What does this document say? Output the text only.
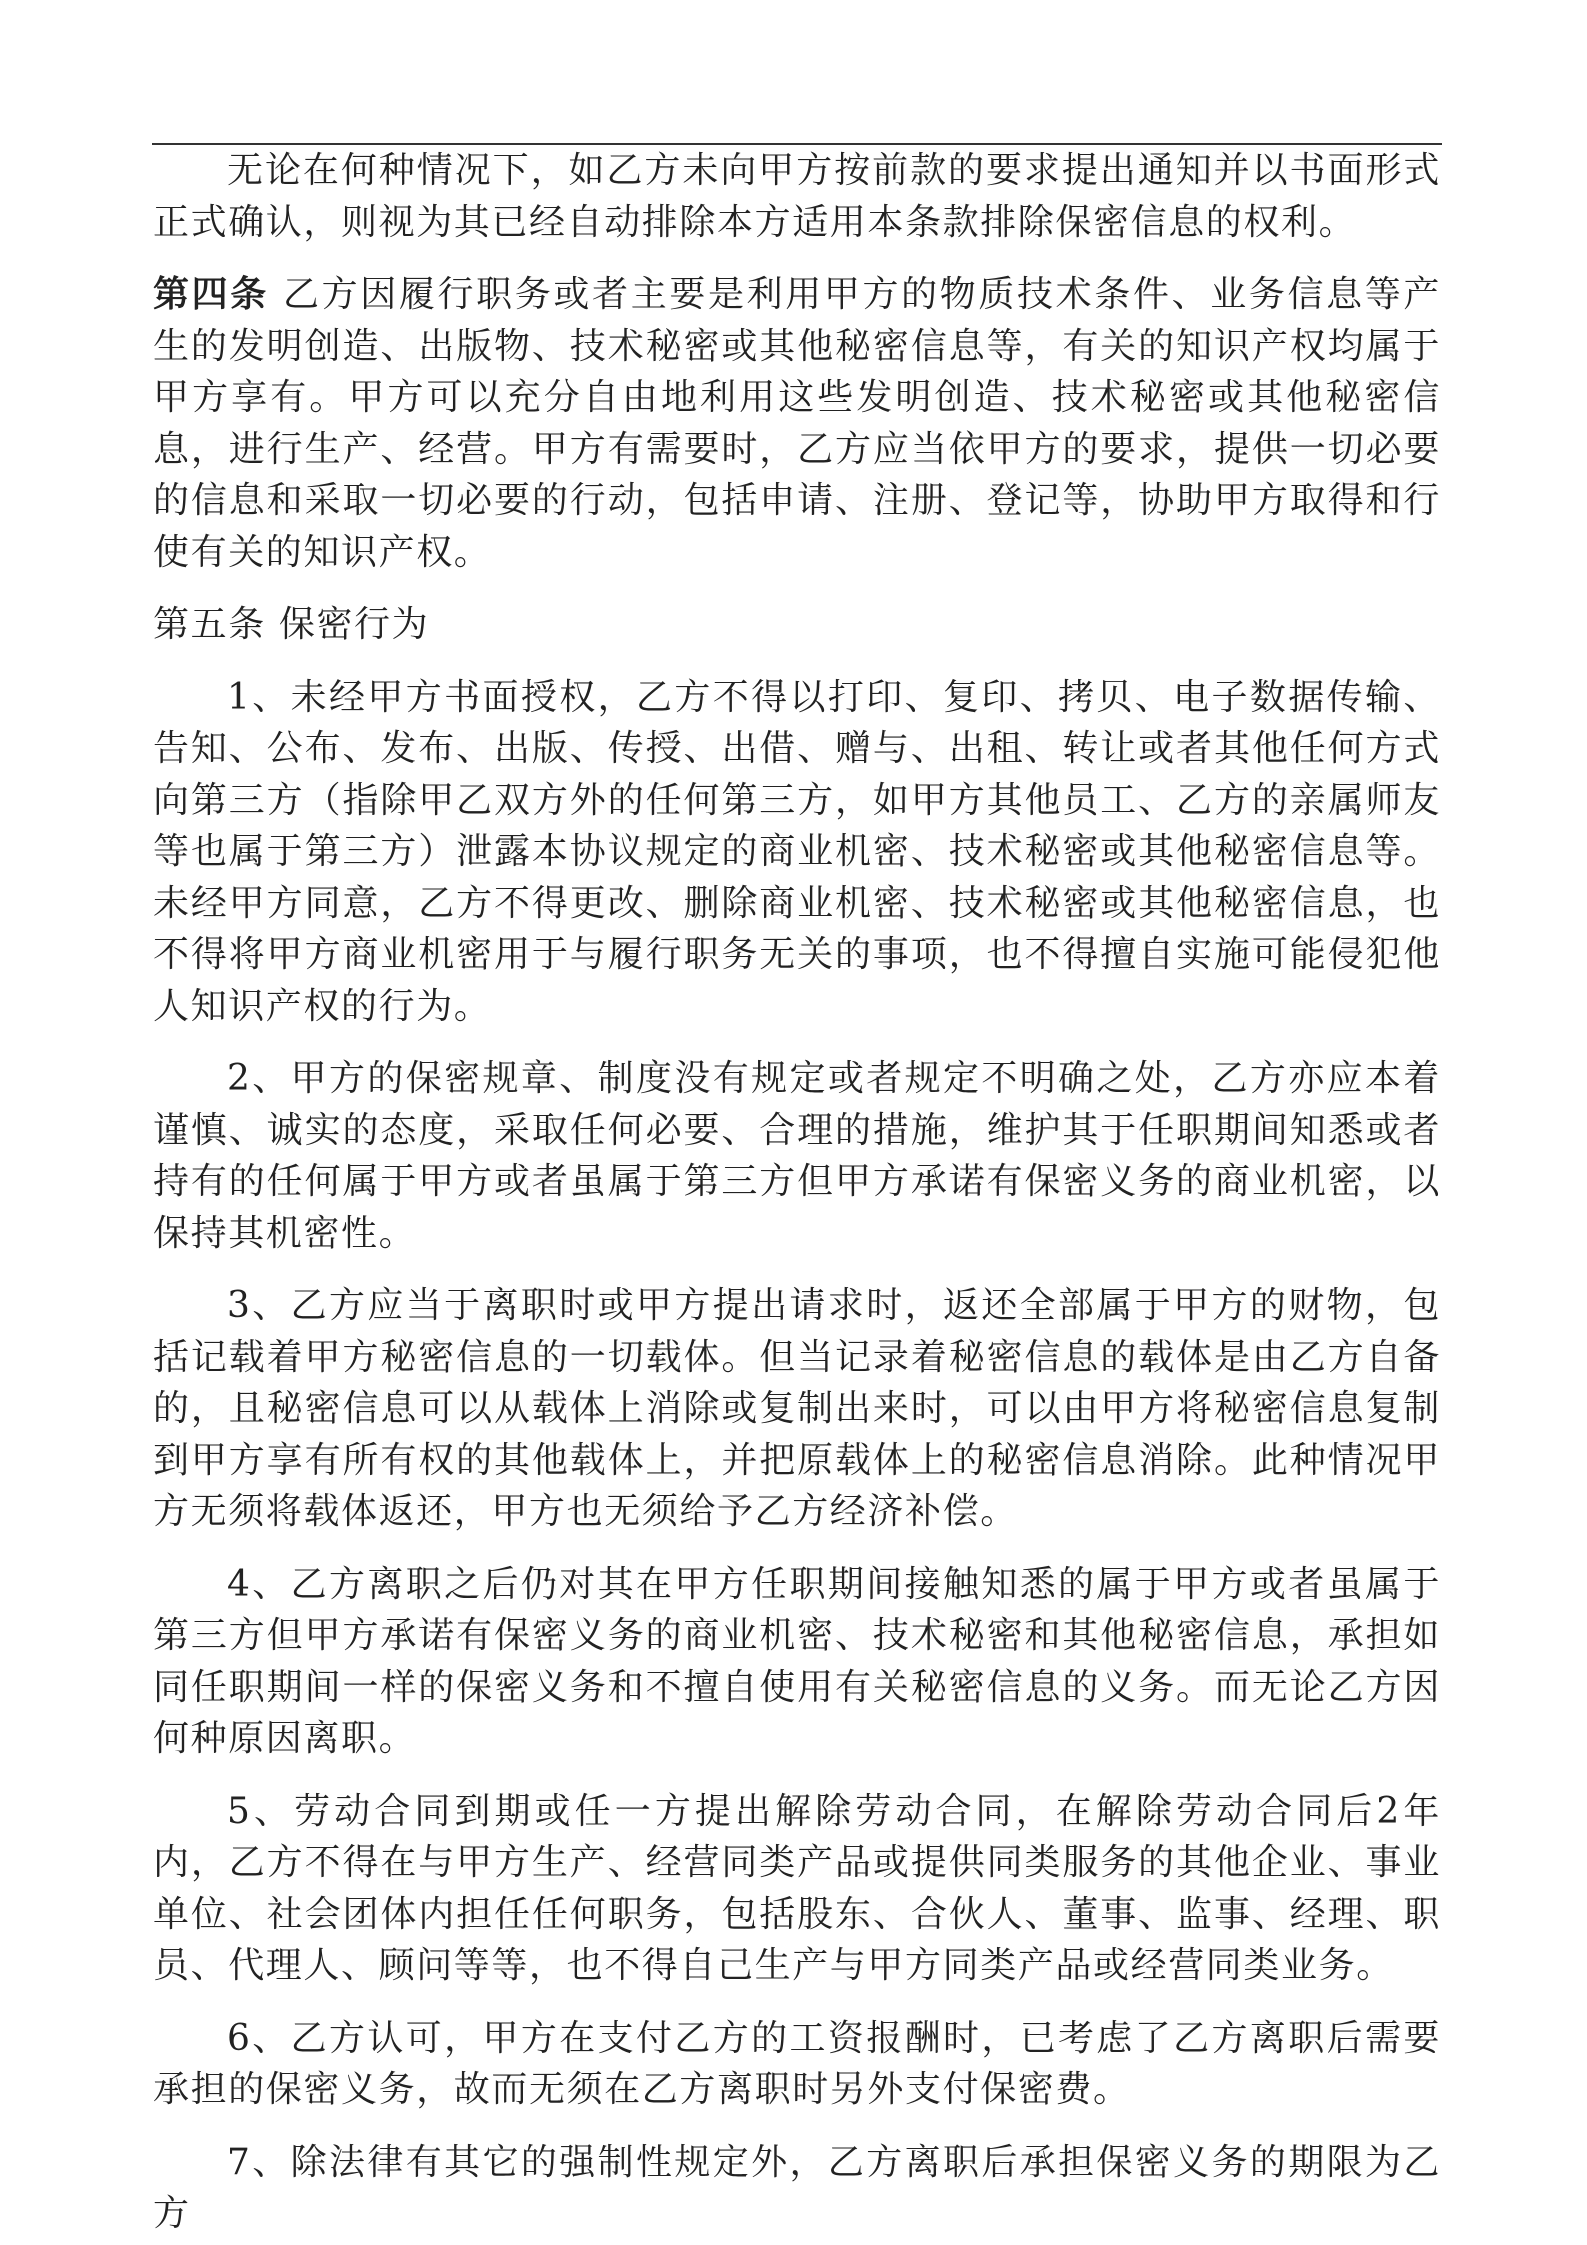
无论在何种情况下，如乙方未向甲方按前款的要求提出通知并以书面形式正式确认，则视为其已经自动排除本方适用本条款排除保密信息的权利。

第四条 乙方因履行职务或者主要是利用甲方的物质技术条件、业务信息等产生的发明创造、出版物、技术秘密或其他秘密信息等，有关的知识产权均属于甲方享有。甲方可以充分自由地利用这些发明创造、技术秘密或其他秘密信息，进行生产、经营。甲方有需要时，乙方应当依甲方的要求，提供一切必要的信息和采取一切必要的行动，包括申请、注册、登记等，协助甲方取得和行使有关的知识产权。

第五条 保密行为

1、未经甲方书面授权，乙方不得以打印、复印、拷贝、电子数据传输、告知、公布、发布、出版、传授、出借、赠与、出租、转让或者其他任何方式向第三方（指除甲乙双方外的任何第三方，如甲方其他员工、乙方的亲属师友等也属于第三方）泄露本协议规定的商业机密、技术秘密或其他秘密信息等。未经甲方同意，乙方不得更改、删除商业机密、技术秘密或其他秘密信息，也不得将甲方商业机密用于与履行职务无关的事项，也不得擅自实施可能侵犯他人知识产权的行为。

2、甲方的保密规章、制度没有规定或者规定不明确之处，乙方亦应本着谨慎、诚实的态度，采取任何必要、合理的措施，维护其于任职期间知悉或者持有的任何属于甲方或者虽属于第三方但甲方承诺有保密义务的商业机密，以保持其机密性。

3、乙方应当于离职时或甲方提出请求时，返还全部属于甲方的财物，包括记载着甲方秘密信息的一切载体。但当记录着秘密信息的载体是由乙方自备的，且秘密信息可以从载体上消除或复制出来时，可以由甲方将秘密信息复制到甲方享有所有权的其他载体上，并把原载体上的秘密信息消除。此种情况甲方无须将载体返还，甲方也无须给予乙方经济补偿。

4、乙方离职之后仍对其在甲方任职期间接触知悉的属于甲方或者虽属于第三方但甲方承诺有保密义务的商业机密、技术秘密和其他秘密信息，承担如同任职期间一样的保密义务和不擅自使用有关秘密信息的义务。而无论乙方因何种原因离职。

5、劳动合同到期或任一方提出解除劳动合同，在解除劳动合同后2年内，乙方不得在与甲方生产、经营同类产品或提供同类服务的其他企业、事业单位、社会团体内担任任何职务，包括股东、合伙人、董事、监事、经理、职员、代理人、顾问等等，也不得自己生产与甲方同类产品或经营同类业务。

6、乙方认可，甲方在支付乙方的工资报酬时，已考虑了乙方离职后需要承担的保密义务，故而无须在乙方离职时另外支付保密费。

7、除法律有其它的强制性规定外，乙方离职后承担保密义务的期限为乙方
